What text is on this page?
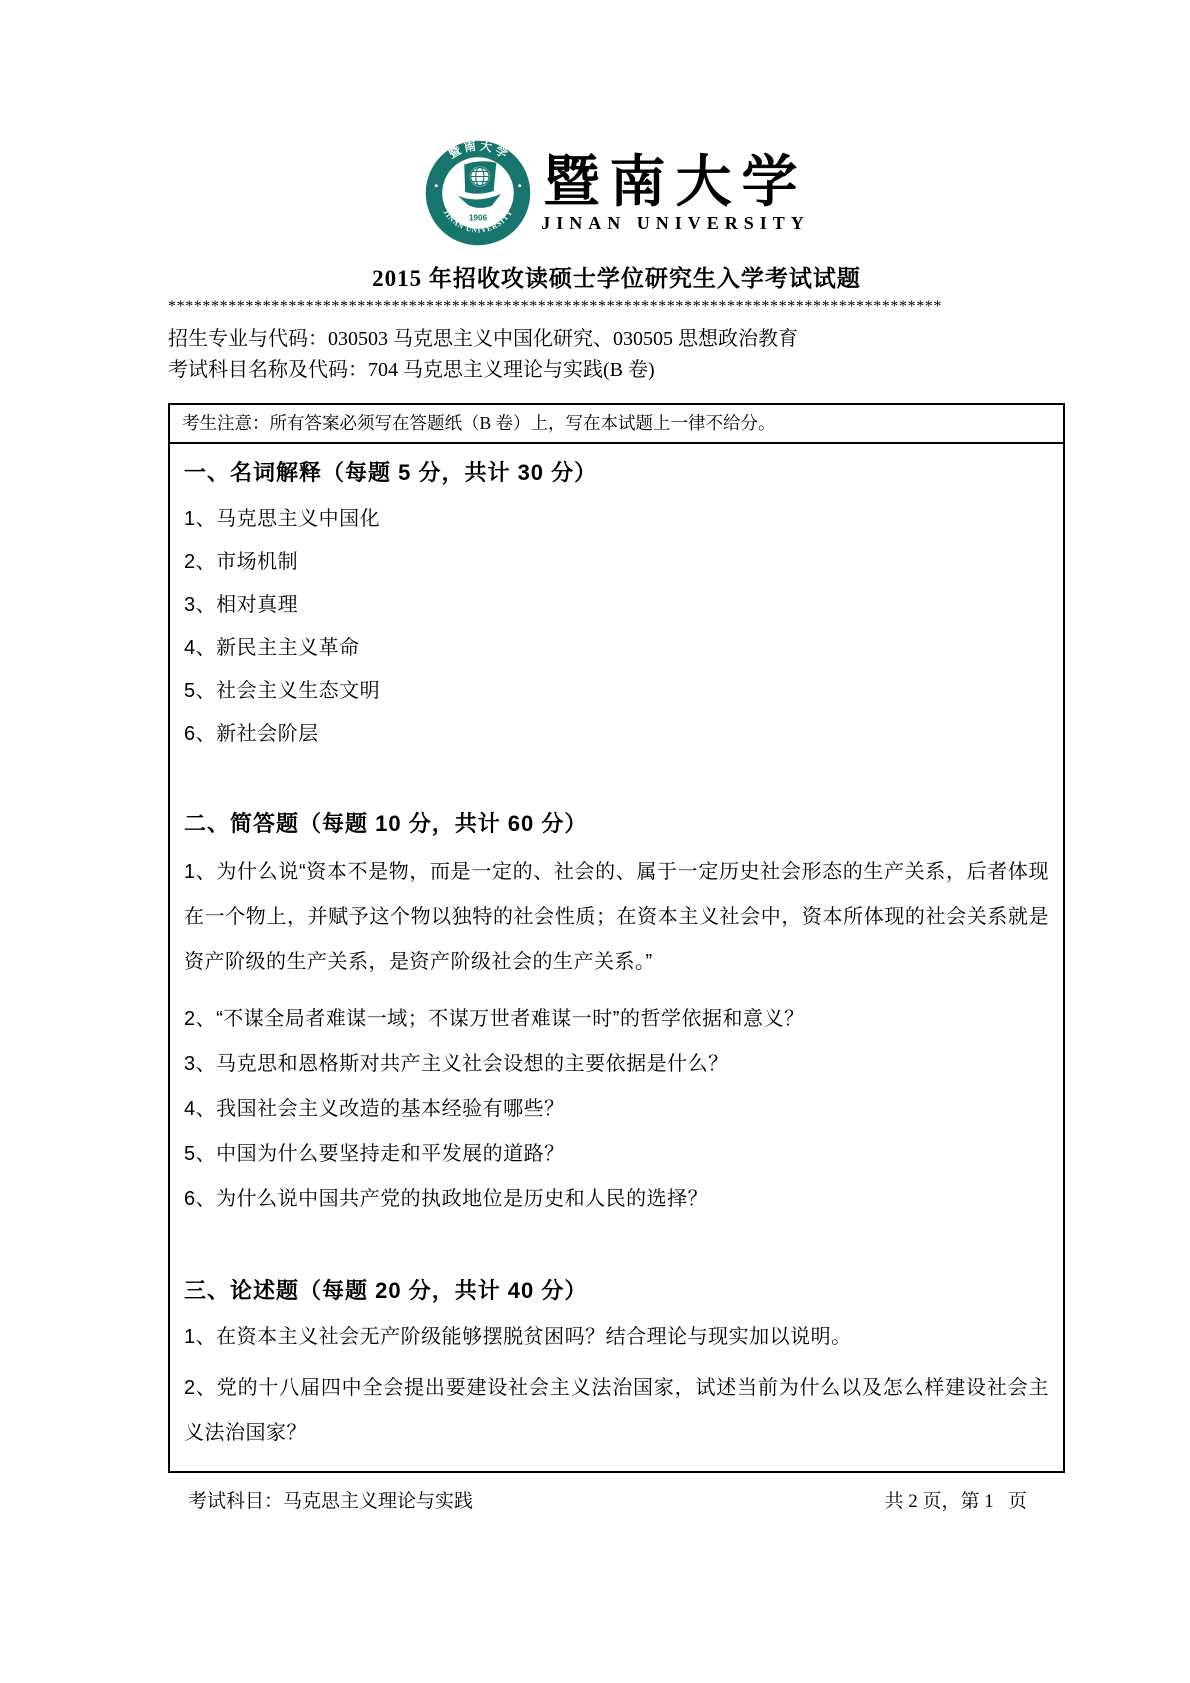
暨 南 大 学
JINAN UNIVERSITY
1906
暨南大学
JINAN UNIVERSITY
2015 年招收攻读硕士学位研究生入学考试试题
******************************************************************************************
招生专业与代码：030503 马克思主义中国化研究、030505 思想政治教育
考试科目名称及代码：704 马克思主义理论与实践(B 卷)
考生注意：所有答案必须写在答题纸（B 卷）上，写在本试题上一律不给分。
一、名词解释（每题 5 分，共计 30 分）

1、马克思主义中国化

2、市场机制

3、相对真理

4、新民主主义革命

5、社会主义生态文明

6、新社会阶层

二、简答题（每题 10 分，共计 60 分）

1、为什么说“资本不是物，而是一定的、社会的、属于一定历史社会形态的生产关系，后者体现在一个物上，并赋予这个物以独特的社会性质；在资本主义社会中，资本所体现的社会关系就是资产阶级的生产关系，是资产阶级社会的生产关系。”

2、“不谋全局者难谋一域；不谋万世者难谋一时”的哲学依据和意义？

3、马克思和恩格斯对共产主义社会设想的主要依据是什么？

4、我国社会主义改造的基本经验有哪些？

5、中国为什么要坚持走和平发展的道路？

6、为什么说中国共产党的执政地位是历史和人民的选择？

三、论述题（每题 20 分，共计 40 分）

1、在资本主义社会无产阶级能够摆脱贫困吗？结合理论与现实加以说明。

2、党的十八届四中全会提出要建设社会主义法治国家，试述当前为什么以及怎么样建设社会主义法治国家？

考试科目：马克思主义理论与实践	共 2 页，第 1   页
